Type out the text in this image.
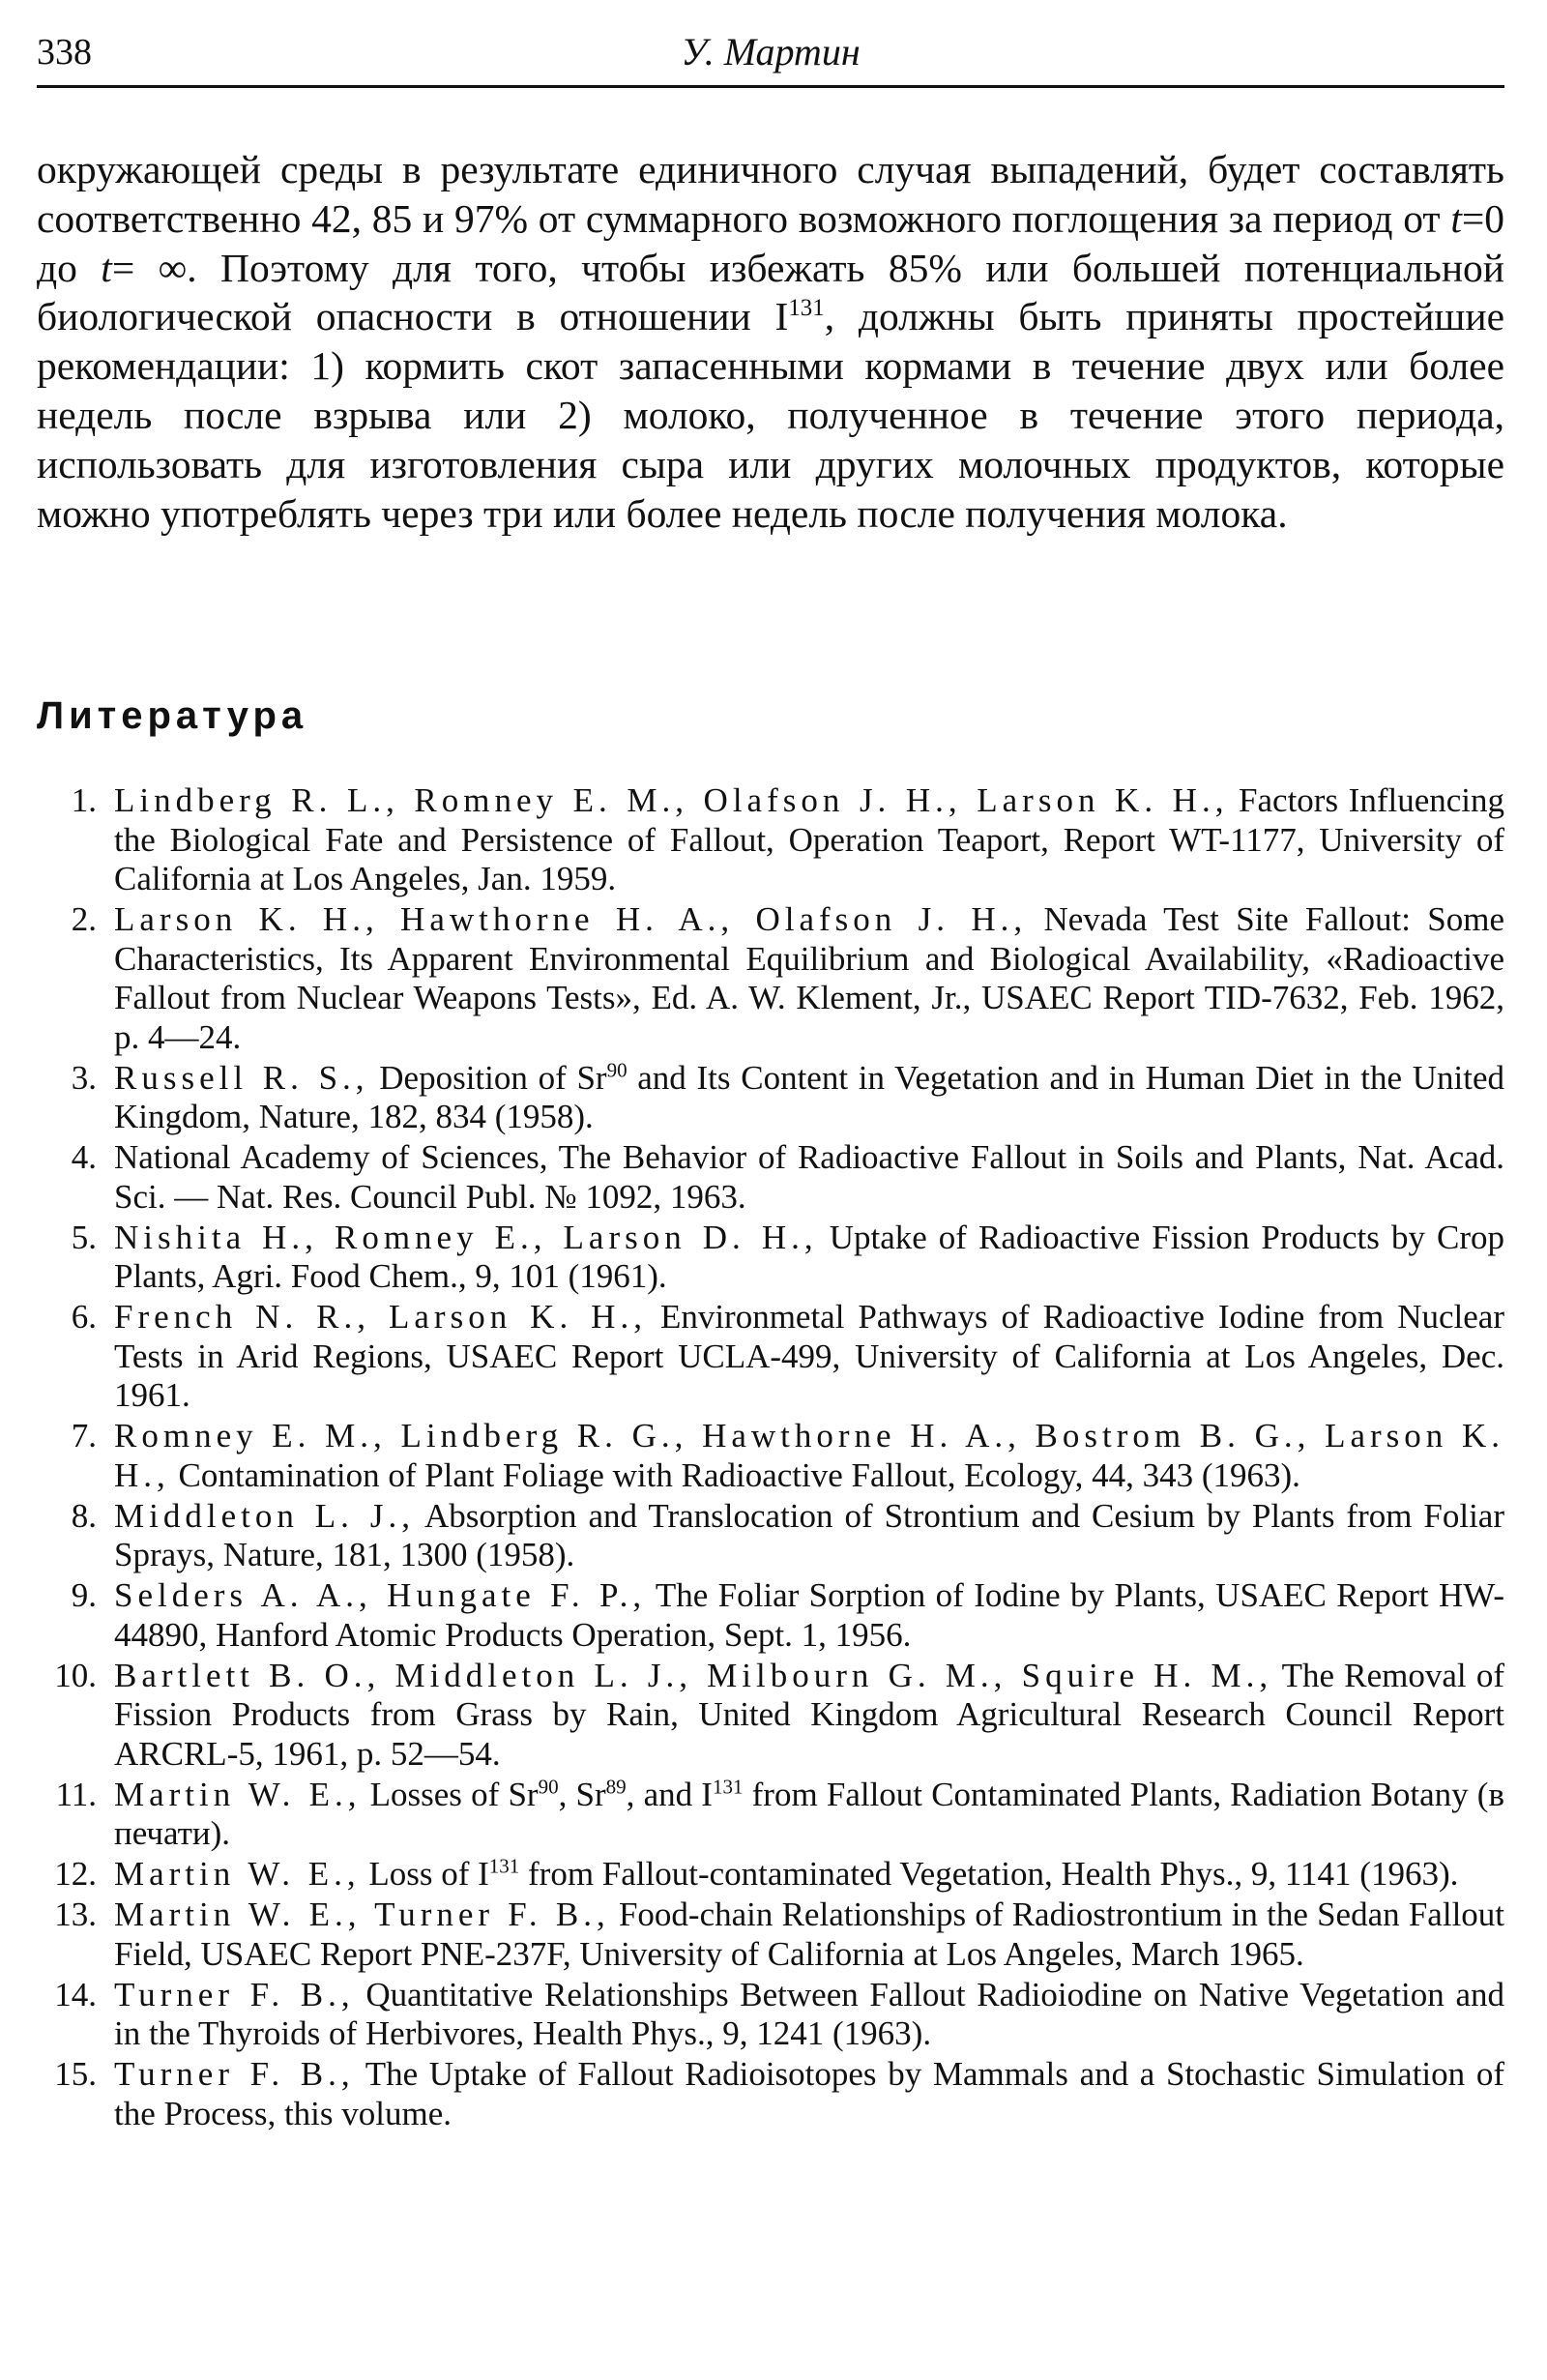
338	У. Мартин

окружающей среды в результате единичного случая выпадений, будет составлять соответственно 42, 85 и 97% от суммарного возможного поглощения за период от t=0 до t= ∞. Поэтому для того, чтобы избежать 85% или большей потенциальной биологической опасности в отношении $I^{131}$, должны быть приняты простейшие рекомендации: 1) кормить скот запасенными кормами в течение двух или более недель после взрыва или 2) молоко, полученное в течение этого периода, использовать для изготовления сыра или других молочных продуктов, которые можно употреблять через три или более недель после получения молока.

Литература
1. Lindberg R. L., Romney E. M., Olafson J. H., Larson K. H., Factors Influencing the Biological Fate and Persistence of Fallout, Operation Teaport, Report WT-1177, University of California at Los Angeles, Jan. 1959.
2. Larson K. H., Hawthorne H. A., Olafson J. H., Nevada Test Site Fallout: Some Characteristics, Its Apparent Environmental Equilibrium and Biological Availability, «Radioactive Fallout from Nuclear Weapons Tests», Ed. A. W. Klement, Jr., USAEC Report TID-7632, Feb. 1962, p. 4—24.
3. Russell R. S., Deposition of Sr$^{90}$ and Its Content in Vegetation and in Human Diet in the United Kingdom, Nature, 182, 834 (1958).
4. National Academy of Sciences, The Behavior of Radioactive Fallout in Soils and Plants, Nat. Acad. Sci. — Nat. Res. Council Publ. № 1092, 1963.
5. Nishita H., Romney E., Larson D. H., Uptake of Radioactive Fission Products by Crop Plants, Agri. Food Chem., 9, 101 (1961).
6. French N. R., Larson K. H., Environmetal Pathways of Radioactive Iodine from Nuclear Tests in Arid Regions, USAEC Report UCLA-499, University of California at Los Angeles, Dec. 1961.
7. Romney E. M., Lindberg R. G., Hawthorne H. A., Bostrom B. G., Larson K. H., Contamination of Plant Foliage with Radioactive Fallout, Ecology, 44, 343 (1963).
8. Middleton L. J., Absorption and Translocation of Strontium and Cesium by Plants from Foliar Sprays, Nature, 181, 1300 (1958).
9. Selders A. A., Hungate F. P., The Foliar Sorption of Iodine by Plants, USAEC Report HW-44890, Hanford Atomic Products Operation, Sept. 1, 1956.
10. Bartlett B. O., Middleton L. J., Milbourn G. M., Squire H. M., The Removal of Fission Products from Grass by Rain, United Kingdom Agricultural Research Council Report ARCRL-5, 1961, p. 52—54.
11. Martin W. E., Losses of Sr$^{90}$, Sr$^{89}$, and $I^{131}$ from Fallout Contaminated Plants, Radiation Botany (в печати).
12. Martin W. E., Loss of $I^{131}$ from Fallout-contaminated Vegetation, Health Phys., 9, 1141 (1963).
13. Martin W. E., Turner F. B., Food-chain Relationships of Radiostrontium in the Sedan Fallout Field, USAEC Report PNE-237F, University of California at Los Angeles, March 1965.
14. Turner F. B., Quantitative Relationships Between Fallout Radioiodine on Native Vegetation and in the Thyroids of Herbivores, Health Phys., 9, 1241 (1963).
15. Turner F. B., The Uptake of Fallout Radioisotopes by Mammals and a Stochastic Simulation of the Process, this volume.
